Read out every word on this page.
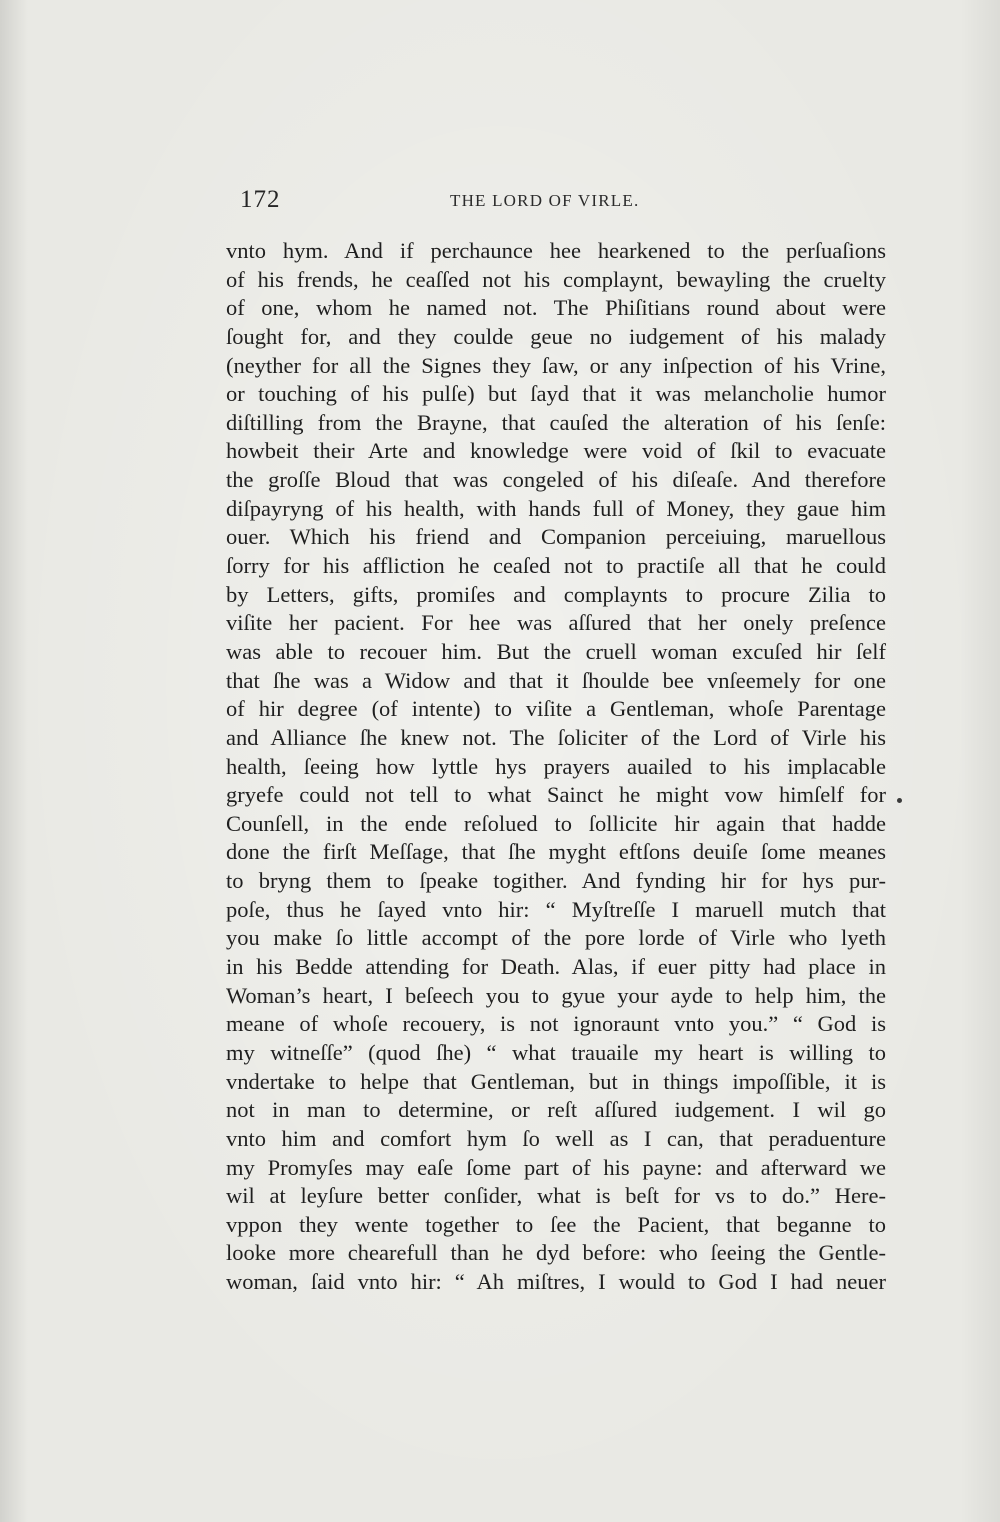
172	THE LORD OF VIRLE.
vnto hym. And if perchaunce hee hearkened to the perſuaſions
of his frends, he ceaſſed not his complaynt, bewayling the cruelty
of one, whom he named not. The Phiſitians round about were
ſought for, and they coulde geue no iudgement of his malady
(neyther for all the Signes they ſaw, or any inſpection of his Vrine,
or touching of his pulſe) but ſayd that it was melancholie humor
diſtilling from the Brayne, that cauſed the alteration of his ſenſe:
howbeit their Arte and knowledge were void of ſkil to evacuate
the groſſe Bloud that was congeled of his diſeaſe. And therefore
diſpayryng of his health, with hands full of Money, they gaue him
ouer. Which his friend and Companion perceiuing, maruellous
ſorry for his affliction he ceaſed not to practiſe all that he could
by Letters, gifts, promiſes and complaynts to procure Zilia to
viſite her pacient. For hee was aſſured that her onely preſence
was able to recouer him. But the cruell woman excuſed hir ſelf
that ſhe was a Widow and that it ſhoulde bee vnſeemely for one
of hir degree (of intente) to viſite a Gentleman, whoſe Parentage
and Alliance ſhe knew not. The ſoliciter of the Lord of Virle his
health, ſeeing how lyttle hys prayers auailed to his implacable
gryefe could not tell to what Sainct he might vow himſelf for
Counſell, in the ende reſolued to ſollicite hir again that hadde
done the firſt Meſſage, that ſhe myght eftſons deuiſe ſome meanes
to bryng them to ſpeake togither. And fynding hir for hys pur-
poſe, thus he ſayed vnto hir: “ Myſtreſſe I maruell mutch that
you make ſo little accompt of the pore lorde of Virle who lyeth
in his Bedde attending for Death. Alas, if euer pitty had place in
Woman’s heart, I beſeech you to gyue your ayde to help him, the
meane of whoſe recouery, is not ignoraunt vnto you.” “ God is
my witneſſe” (quod ſhe) “ what trauaile my heart is willing to
vndertake to helpe that Gentleman, but in things impoſſible, it is
not in man to determine, or reſt aſſured iudgement. I wil go
vnto him and comfort hym ſo well as I can, that peraduenture
my Promyſes may eaſe ſome part of his payne: and afterward we
wil at leyſure better conſider, what is beſt for vs to do.” Here-
vppon they wente together to ſee the Pacient, that beganne to
looke more chearefull than he dyd before: who ſeeing the Gentle-
woman, ſaid vnto hir: “ Ah miſtres, I would to God I had neuer
